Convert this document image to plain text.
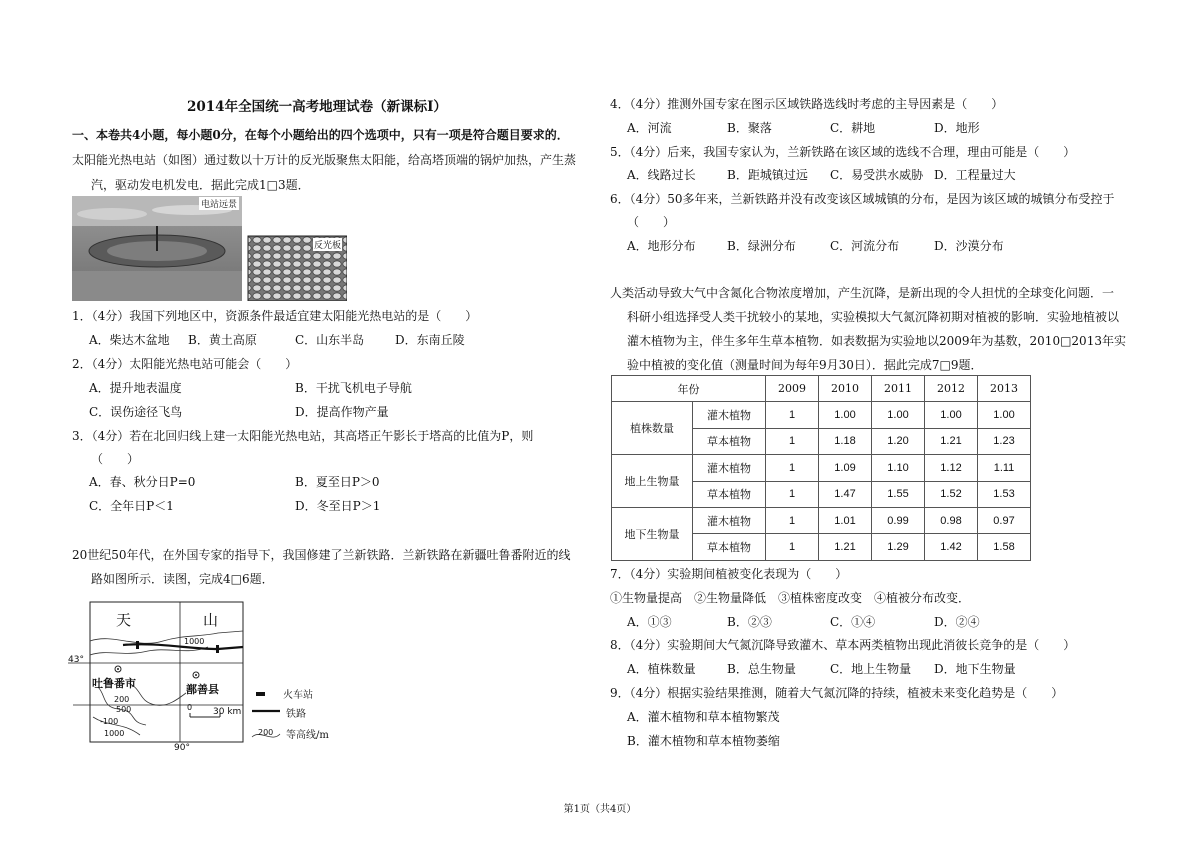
2014年全国统一高考地理试卷（新课标I）
一、本卷共4小题，每小题0分，在每个小题给出的四个选项中，只有一项是符合题目要求的．
太阳能光热电站（如图）通过数以十万计的反光版聚焦太阳能，给高塔顶端的锅炉加热，产生蒸
汽，驱动发电机发电．据此完成1□3题．
电站远景
反光板
1．（4分）我国下列地区中，资源条件最适宜建太阳能光热电站的是（　　）
A．柴达木盆地 B．黄土高原	C．山东半岛	D．东南丘陵
2．（4分）太阳能光热电站可能会（　　）
A．提升地表温度	B．干扰飞机电子导航
C．误伤途径飞鸟	D．提高作物产量
3．（4分）若在北回归线上建一太阳能光热电站，其高塔正午影长于塔高的比值为P，则
（　　）
A．春、秋分日P=0	B．夏至日P＞0
C．全年日P＜1	D．冬至日P＞1
20世纪50年代，在外国专家的指导下，我国修建了兰新铁路．兰新铁路在新疆吐鲁番附近的线
路如图所示．读图，完成4□6题．
天	山
1000
43°
吐鲁番市	鄯善县
200
500
-100
1000
0 30 km
90°
火车站
铁路
200 等高线/m
4．（4分）推测外国专家在图示区域铁路选线时考虑的主导因素是（　　）
A．河流	B．聚落	C．耕地	D．地形
5．（4分）后来，我国专家认为，兰新铁路在该区域的选线不合理，理由可能是（　　）
A．线路过长	B．距城镇过远 C．易受洪水威胁 D．工程量过大
6．（4分）50多年来，兰新铁路并没有改变该区域城镇的分布，是因为该区域的城镇分布受控于
（　　）
A．地形分布	B．绿洲分布	C．河流分布	D．沙漠分布
人类活动导致大气中含氮化合物浓度增加，产生沉降，是新出现的令人担忧的全球变化问题．一
科研小组选择受人类干扰较小的某地，实验模拟大气氮沉降初期对植被的影响．实验地植被以
灌木植物为主，伴生多年生草本植物．如表数据为实验地以2009年为基数，2010□2013年实
验中植被的变化值（测量时间为每年9月30日）．据此完成7□9题．
年份		2009	2010	2011	2012	2013
植株数量	灌木植物	1	1.00	1.00	1.00	1.00
	草本植物	1	1.18	1.20	1.21	1.23
地上生物量	灌木植物	1	1.09	1.10	1.12	1.11
	草本植物	1	1.47	1.55	1.52	1.53
地下生物量	灌木植物	1	1.01	0.99	0.98	0.97
	草本植物	1	1.21	1.29	1.42	1.58
7．（4分）实验期间植被变化表现为（　　）
①生物量提高　②生物量降低　③植株密度改变　④植被分布改变．
A．①③	B．②③	C．①④	D．②④
8．（4分）实验期间大气氮沉降导致灌木、草本两类植物出现此消彼长竞争的是（　　）
A．植株数量	B．总生物量	C．地上生物量 D．地下生物量
9．（4分）根据实验结果推测，随着大气氮沉降的持续，植被未来变化趋势是（　　）
A．灌木植物和草本植物繁茂
B．灌木植物和草本植物萎缩
第1页（共4页）
